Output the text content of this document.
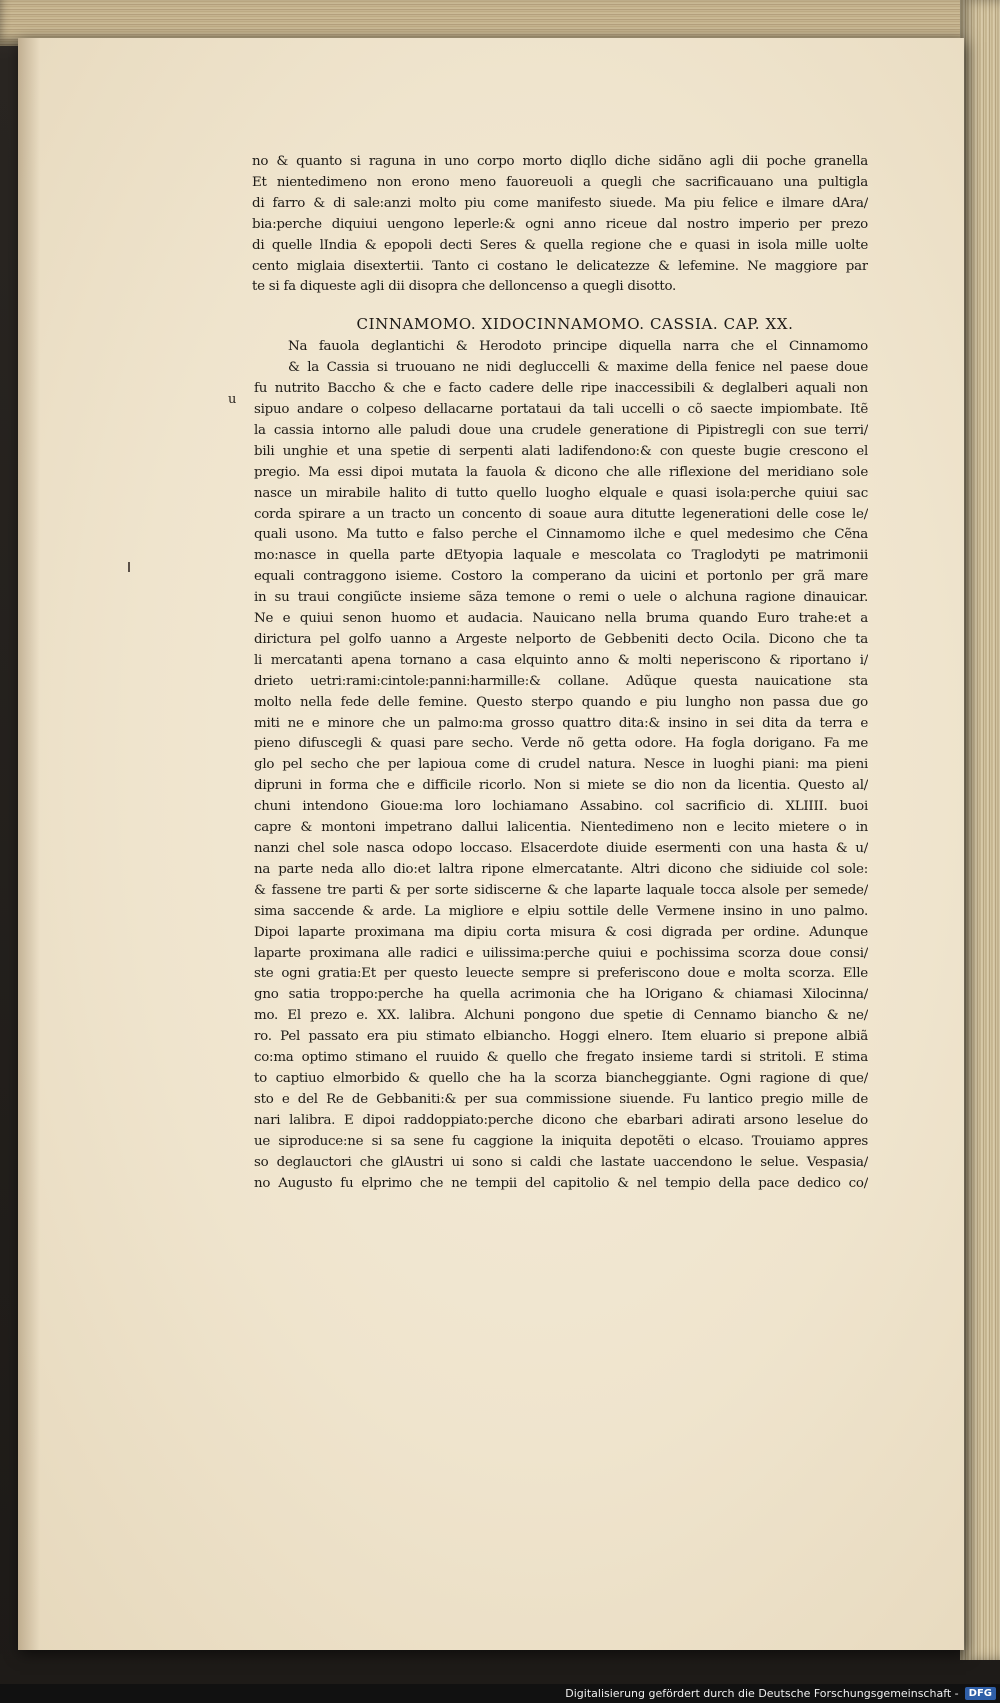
u
no & quanto si raguna in uno corpo morto diqllo diche sidãno agli dii poche granella
Et nientedimeno non erono meno fauoreuoli a quegli che sacrificauano una pultigla
di farro & di sale:anzi molto piu come manifesto siuede. Ma piu felice e ilmare dAra/
bia:perche diquiui uengono leperle:& ogni anno riceue dal nostro imperio per prezo
di quelle lIndia & epopoli decti Seres & quella regione che e quasi in isola mille uolte
cento miglaia disextertii. Tanto ci costano le delicatezze & lefemine. Ne maggiore par
te si fa diqueste agli dii disopra che delloncenso a quegli disotto.
CINNAMOMO. XIDOCINNAMOMO. CASSIA. CAP. XX.
Na fauola deglantichi & Herodoto principe diquella narra che el Cinnamomo
& la Cassia si truouano ne nidi degluccelli & maxime della fenice nel paese doue
fu nutrito Baccho & che e facto cadere delle ripe inaccessibili & deglalberi aquali non
sipuo andare o colpeso dellacarne portataui da tali uccelli o cõ saecte impiombate. Itẽ
la cassia intorno alle paludi doue una crudele generatione di Pipistregli con sue terri/
bili unghie et una spetie di serpenti alati ladifendono:& con queste bugie crescono el
pregio. Ma essi dipoi mutata la fauola & dicono che alle riflexione del meridiano sole
nasce un mirabile halito di tutto quello luogho elquale e quasi isola:perche quiui sac
corda spirare a un tracto un concento di soaue aura ditutte legenerationi delle cose le/
quali usono. Ma tutto e falso perche el Cinnamomo ilche e quel medesimo che Cẽna
mo:nasce in quella parte dEtyopia laquale e mescolata co Traglodyti pe matrimonii
equali contraggono isieme. Costoro la comperano da uicini et portonlo per grã mare
in su traui congiũcte insieme sãza temone o remi o uele o alchuna ragione dinauicar.
Ne e quiui senon huomo et audacia. Nauicano nella bruma quando Euro trahe:et a
dirictura pel golfo uanno a Argeste nelporto de Gebbeniti decto Ocila. Dicono che ta
li mercatanti apena tornano a casa elquinto anno & molti neperiscono & riportano i/
drieto uetri:rami:cintole:panni:harmille:& collane. Adũque questa nauicatione sta
molto nella fede delle femine. Questo sterpo quando e piu lungho non passa due go
miti ne e minore che un palmo:ma grosso quattro dita:& insino in sei dita da terra e
pieno difuscegli & quasi pare secho. Verde nõ getta odore. Ha fogla dorigano. Fa me
glo pel secho che per lapioua come di crudel natura. Nesce in luoghi piani: ma pieni
dipruni in forma che e difficile ricorlo. Non si miete se dio non da licentia. Questo al/
chuni intendono Gioue:ma loro lochiamano Assabino. col sacrificio di. XLIIII. buoi
capre & montoni impetrano dallui lalicentia. Nientedimeno non e lecito mietere o in
nanzi chel sole nasca odopo loccaso. Elsacerdote diuide esermenti con una hasta & u/
na parte neda allo dio:et laltra ripone elmercatante. Altri dicono che sidiuide col sole:
& fassene tre parti & per sorte sidiscerne & che laparte laquale tocca alsole per semede/
sima saccende & arde. La migliore e elpiu sottile delle Vermene insino in uno palmo.
Dipoi laparte proximana ma dipiu corta misura & cosi digrada per ordine. Adunque
laparte proximana alle radici e uilissima:perche quiui e pochissima scorza doue consi/
ste ogni gratia:Et per questo leuecte sempre si preferiscono doue e molta scorza. Elle
gno satia troppo:perche ha quella acrimonia che ha lOrigano & chiamasi Xilocinna/
mo. El prezo e. XX. lalibra. Alchuni pongono due spetie di Cennamo biancho & ne/
ro. Pel passato era piu stimato elbiancho. Hoggi elnero. Item eluario si prepone albiã
co:ma optimo stimano el ruuido & quello che fregato insieme tardi si stritoli. E stima
to captiuo elmorbido & quello che ha la scorza biancheggiante. Ogni ragione di que/
sto e del Re de Gebbaniti:& per sua commissione siuende. Fu lantico pregio mille de
nari lalibra. E dipoi raddoppiato:perche dicono che ebarbari adirati arsono leselue do
ue siproduce:ne si sa sene fu caggione la iniquita depotẽti o elcaso. Trouiamo appres
so deglauctori che glAustri ui sono si caldi che lastate uaccendono le selue. Vespasia/
no Augusto fu elprimo che ne tempii del capitolio & nel tempio della pace dedico co/
Digitalisierung gefördert durch die Deutsche Forschungsgemeinschaft -	DFG
